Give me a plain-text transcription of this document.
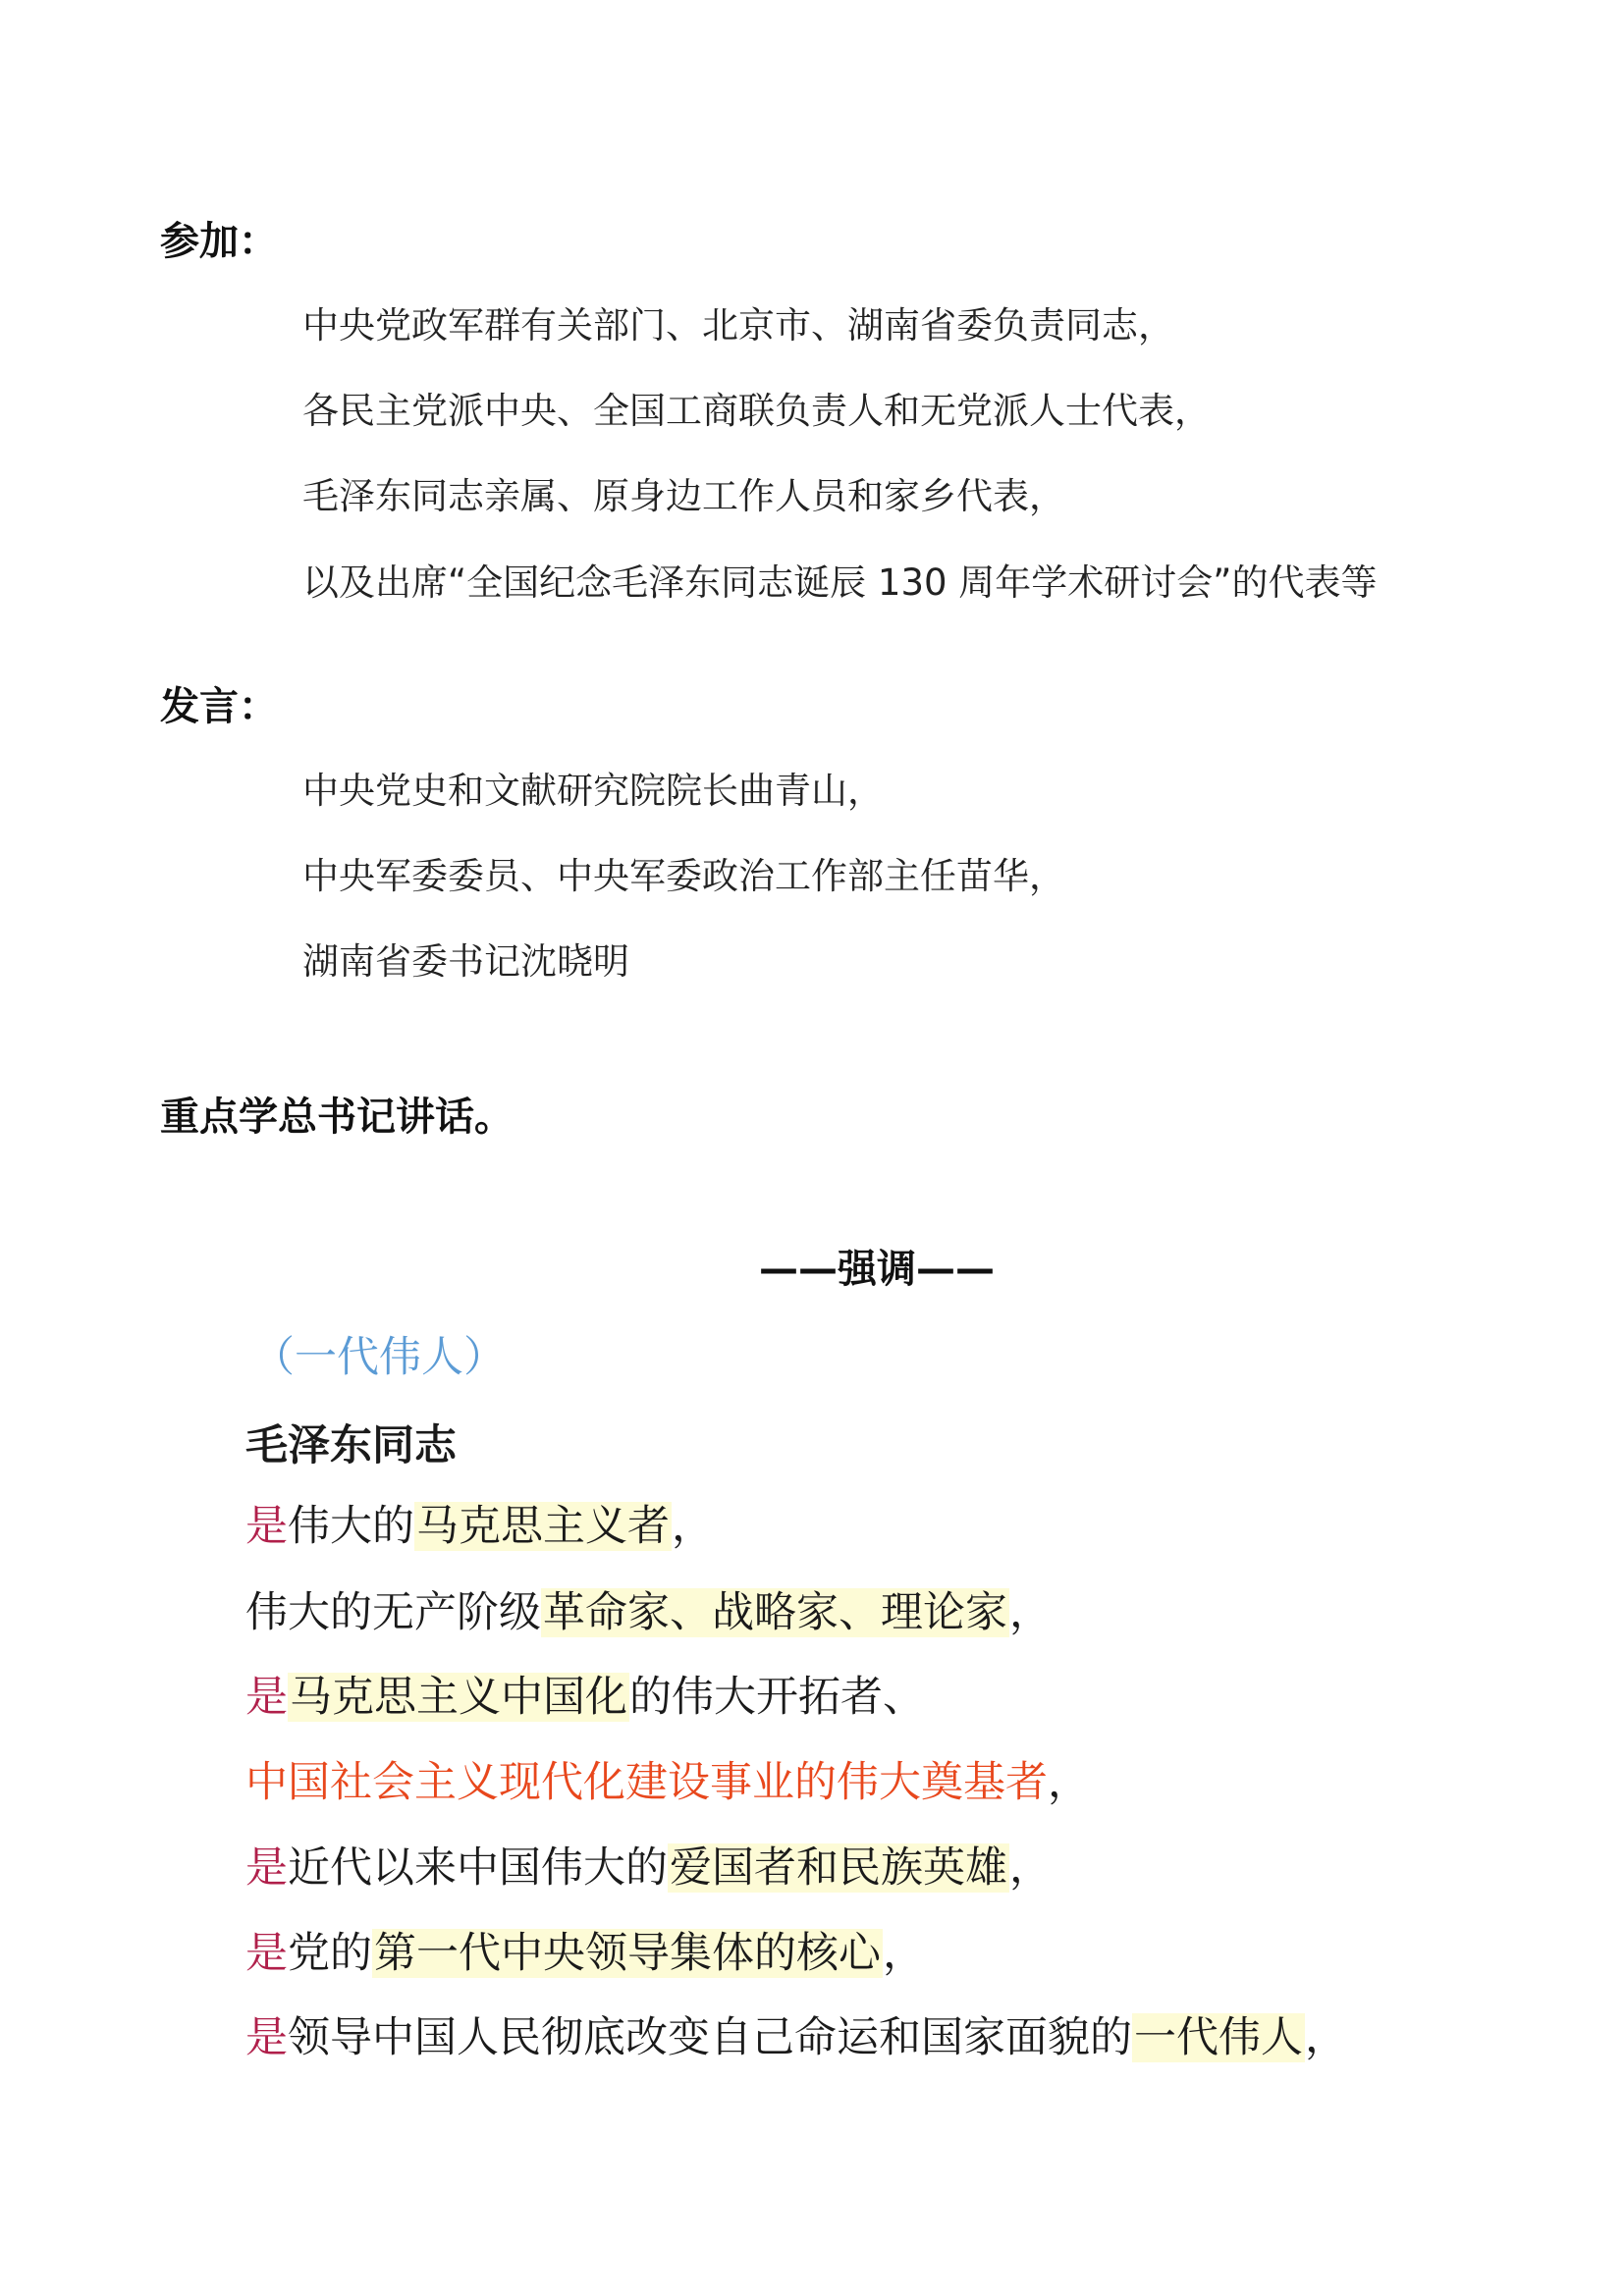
参加：

中央党政军群有关部门、北京市、湖南省委负责同志，

各民主党派中央、全国工商联负责人和无党派人士代表，

毛泽东同志亲属、原身边工作人员和家乡代表，

以及出席“全国纪念毛泽东同志诞辰 130 周年学术研讨会”的代表等

发言：

中央党史和文献研究院院长曲青山，

中央军委委员、中央军委政治工作部主任苗华，

湖南省委书记沈晓明

重点学总书记讲话。
——强调——

（一代伟人）

毛泽东同志

是伟大的马克思主义者，

伟大的无产阶级革命家、战略家、理论家，

是马克思主义中国化的伟大开拓者、

中国社会主义现代化建设事业的伟大奠基者，

是近代以来中国伟大的爱国者和民族英雄，

是党的第一代中央领导集体的核心，

是领导中国人民彻底改变自己命运和国家面貌的一代伟人，
